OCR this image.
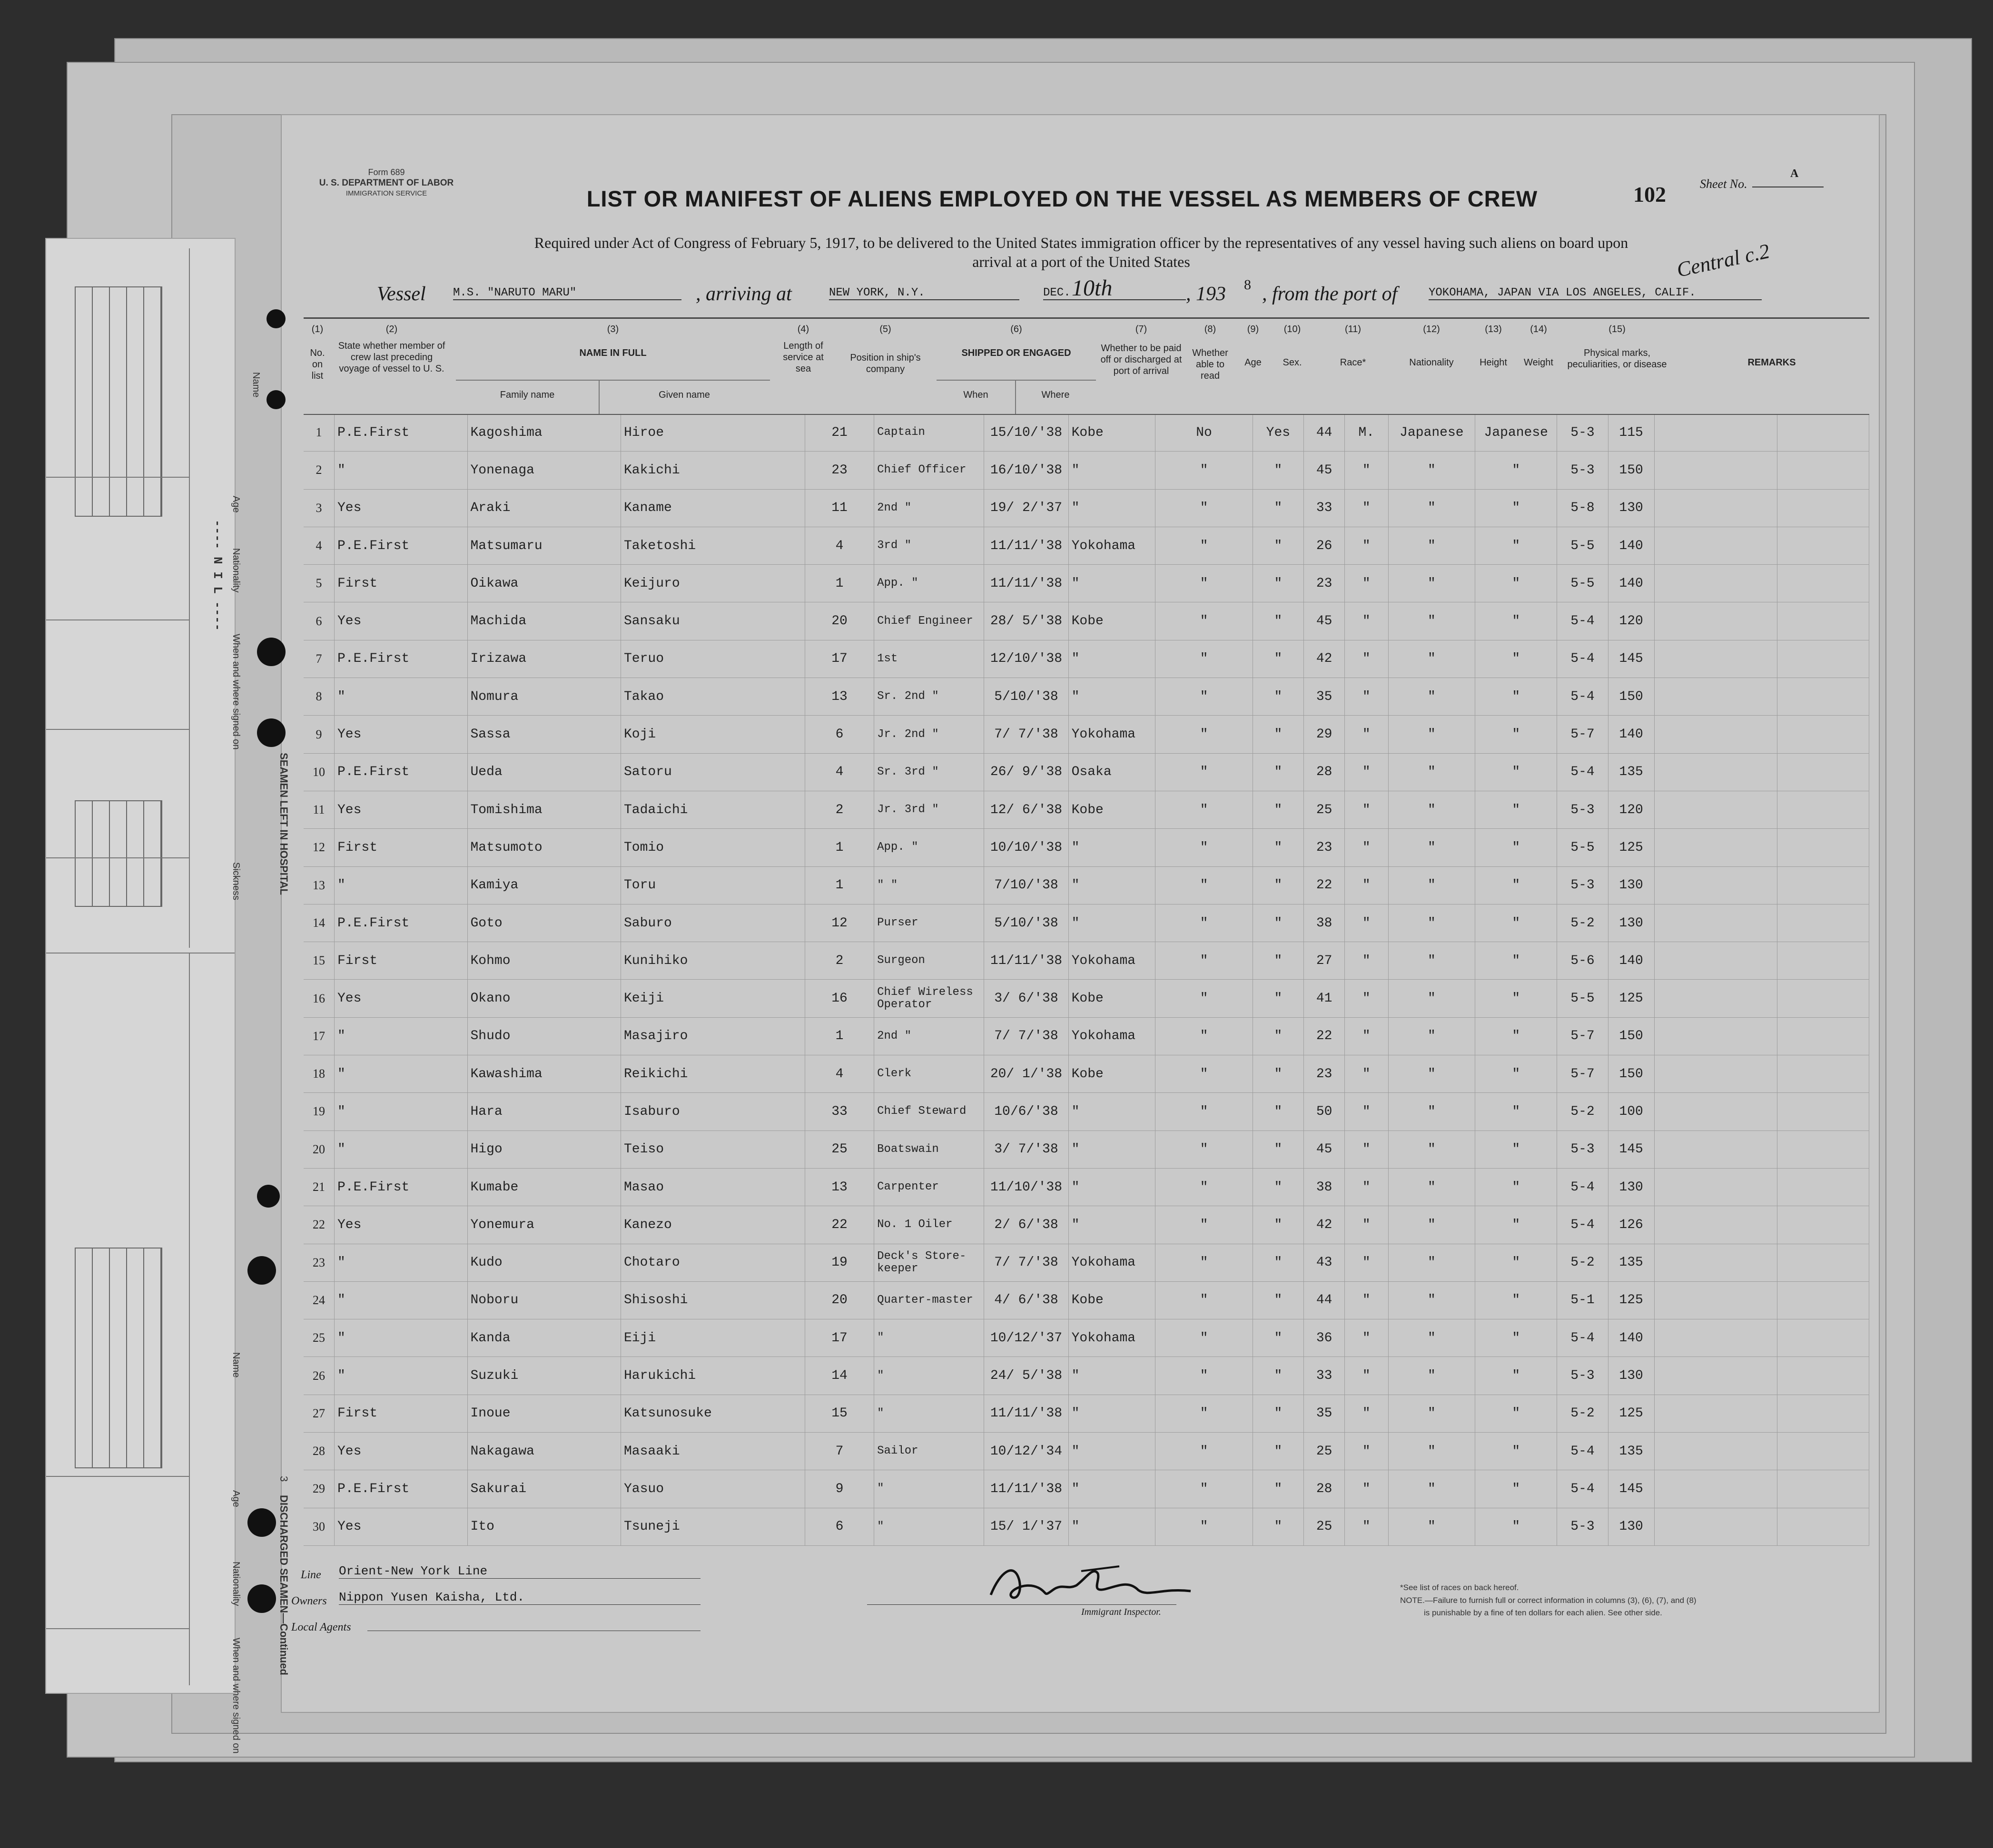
Form 689
U. S. DEPARTMENT OF LABOR
IMMIGRATION SERVICE	LIST OR MANIFEST OF ALIENS EMPLOYED ON THE VESSEL AS MEMBERS OF CREW	102	Sheet No.
A
Required under Act of Congress of February 5, 1917, to be delivered to the United States immigration officer by the representatives of any vessel having such aliens on board upon
arrival at a port of the United States	Central c.2
Vessel M.S. "NARUTO MARU"	, arriving at	NEW YORK, N.Y.	DEC. 10th	, 193 8 , from the port of	YOKOHAMA, JAPAN VIA LOS ANGELES, CALIF.
(1)
No. on list
(2)
State whether member of crew last preceding voyage of vessel to U. S.
(3)
NAME IN FULL
Family name	Given name
(4)
Length of service at sea
(5)
Position in ship's company
(6)
SHIPPED OR ENGAGED
When	Where
(7)
Whether to be paid off or discharged at port of arrival
(8)
Whether able to read
(9)
Age
(10)
Sex.
(11)
Race*
(12)
Nationality
(13)
Height
(14)
Weight
(15)
Physical marks, peculiarities, or disease	REMARKS
1	P.E.First	Kagoshima	Hiroe	21	Captain	15/10/'38	Kobe	No	Yes	44	M.	Japanese	Japanese	5-3	115		
2	"	Yonenaga	Kakichi	23	Chief Officer	16/10/'38	"	"	"	45	"	"	"	5-3	150		
3	Yes	Araki	Kaname	11	2nd "	19/ 2/'37	"	"	"	33	"	"	"	5-8	130		
4	P.E.First	Matsumaru	Taketoshi	4	3rd "	11/11/'38	Yokohama	"	"	26	"	"	"	5-5	140		
5	First	Oikawa	Keijuro	1	App. "	11/11/'38	"	"	"	23	"	"	"	5-5	140		
6	Yes	Machida	Sansaku	20	Chief Engineer	28/ 5/'38	Kobe	"	"	45	"	"	"	5-4	120		
7	P.E.First	Irizawa	Teruo	17	1st	12/10/'38	"	"	"	42	"	"	"	5-4	145		
8	"	Nomura	Takao	13	Sr. 2nd "	5/10/'38	"	"	"	35	"	"	"	5-4	150		
9	Yes	Sassa	Koji	6	Jr. 2nd "	7/ 7/'38	Yokohama	"	"	29	"	"	"	5-7	140		
10	P.E.First	Ueda	Satoru	4	Sr. 3rd "	26/ 9/'38	Osaka	"	"	28	"	"	"	5-4	135		
11	Yes	Tomishima	Tadaichi	2	Jr. 3rd "	12/ 6/'38	Kobe	"	"	25	"	"	"	5-3	120		
12	First	Matsumoto	Tomio	1	App. "	10/10/'38	"	"	"	23	"	"	"	5-5	125		
13	"	Kamiya	Toru	1	" "	7/10/'38	"	"	"	22	"	"	"	5-3	130		
14	P.E.First	Goto	Saburo	12	Purser	5/10/'38	"	"	"	38	"	"	"	5-2	130		
15	First	Kohmo	Kunihiko	2	Surgeon	11/11/'38	Yokohama	"	"	27	"	"	"	5-6	140		
16	Yes	Okano	Keiji	16	Chief Wireless Operator	3/ 6/'38	Kobe	"	"	41	"	"	"	5-5	125		
17	"	Shudo	Masajiro	1	2nd "	7/ 7/'38	Yokohama	"	"	22	"	"	"	5-7	150		
18	"	Kawashima	Reikichi	4	Clerk	20/ 1/'38	Kobe	"	"	23	"	"	"	5-7	150		
19	"	Hara	Isaburo	33	Chief Steward	10/6/'38	"	"	"	50	"	"	"	5-2	100		
20	"	Higo	Teiso	25	Boatswain	3/ 7/'38	"	"	"	45	"	"	"	5-3	145		
21	P.E.First	Kumabe	Masao	13	Carpenter	11/10/'38	"	"	"	38	"	"	"	5-4	130		
22	Yes	Yonemura	Kanezo	22	No. 1 Oiler	2/ 6/'38	"	"	"	42	"	"	"	5-4	126		
23	"	Kudo	Chotaro	19	Deck's Store-keeper	7/ 7/'38	Yokohama	"	"	43	"	"	"	5-2	135		
24	"	Noboru	Shisoshi	20	Quarter-master	4/ 6/'38	Kobe	"	"	44	"	"	"	5-1	125		
25	"	Kanda	Eiji	17	"	10/12/'37	Yokohama	"	"	36	"	"	"	5-4	140		
26	"	Suzuki	Harukichi	14	"	24/ 5/'38	"	"	"	33	"	"	"	5-3	130		
27	First	Inoue	Katsunosuke	15	"	11/11/'38	"	"	"	35	"	"	"	5-2	125		
28	Yes	Nakagawa	Masaaki	7	Sailor	10/12/'34	"	"	"	25	"	"	"	5-4	135		
29	P.E.First	Sakurai	Yasuo	9	"	11/11/'38	"	"	"	28	"	"	"	5-4	145		
30	Yes	Ito	Tsuneji	6	"	15/ 1/'37	"	"	"	25	"	"	"	5-3	130		
Line Orient-New York Line
Owners Nippon Yusen Kaisha, Ltd.
Local Agents
Immigrant Inspector.
*See list of races on back hereof.
NOTE.—Failure to furnish full or correct information in columns (3), (6), (7), and (8)
is punishable by a fine of ten dollars for each alien. See other side.
Name
Age
Nationality
When and where signed on
Sickness
---- N I L ----
SEAMEN LEFT IN HOSPITAL
Name
Age
Nationality
When and where signed on
3
DISCHARGED SEAMEN—Continued
